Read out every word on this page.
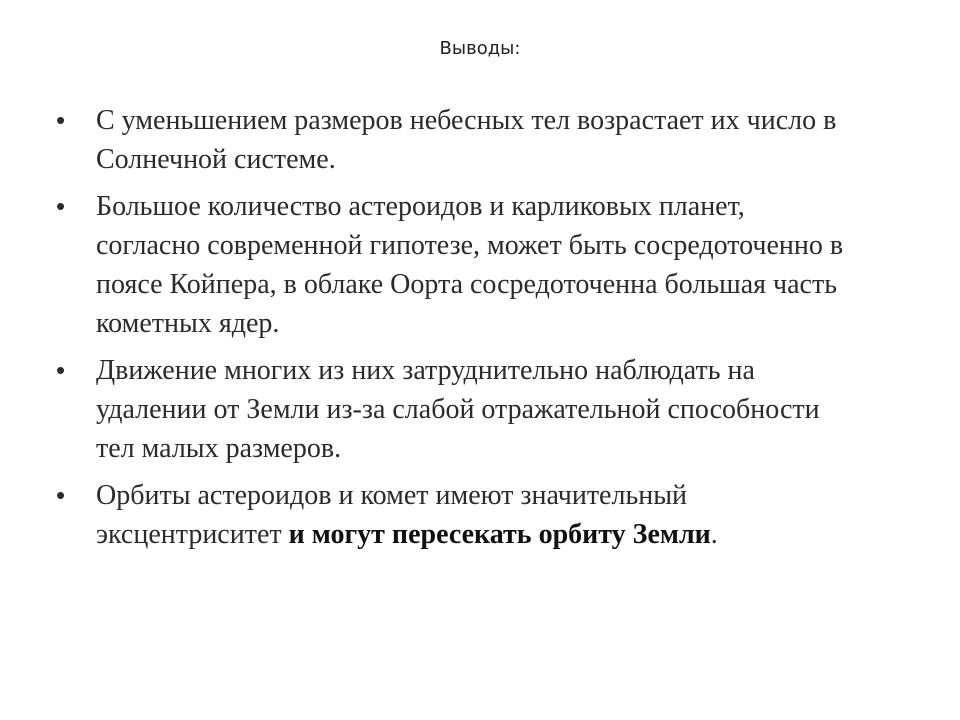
Выводы:
• С уменьшением размеров небесных тел возрастает их число в Солнечной системе.
• Большое количество астероидов и карликовых планет, согласно современной гипотезе, может быть сосредоточенно в поясе Койпера, в облаке Оорта сосредоточенна большая часть кометных ядер.
• Движение многих из них затруднительно наблюдать на удалении от Земли из-за слабой отражательной способности тел малых размеров.
• Орбиты астероидов и комет имеют значительный эксцентриситет и могут пересекать орбиту Земли.
